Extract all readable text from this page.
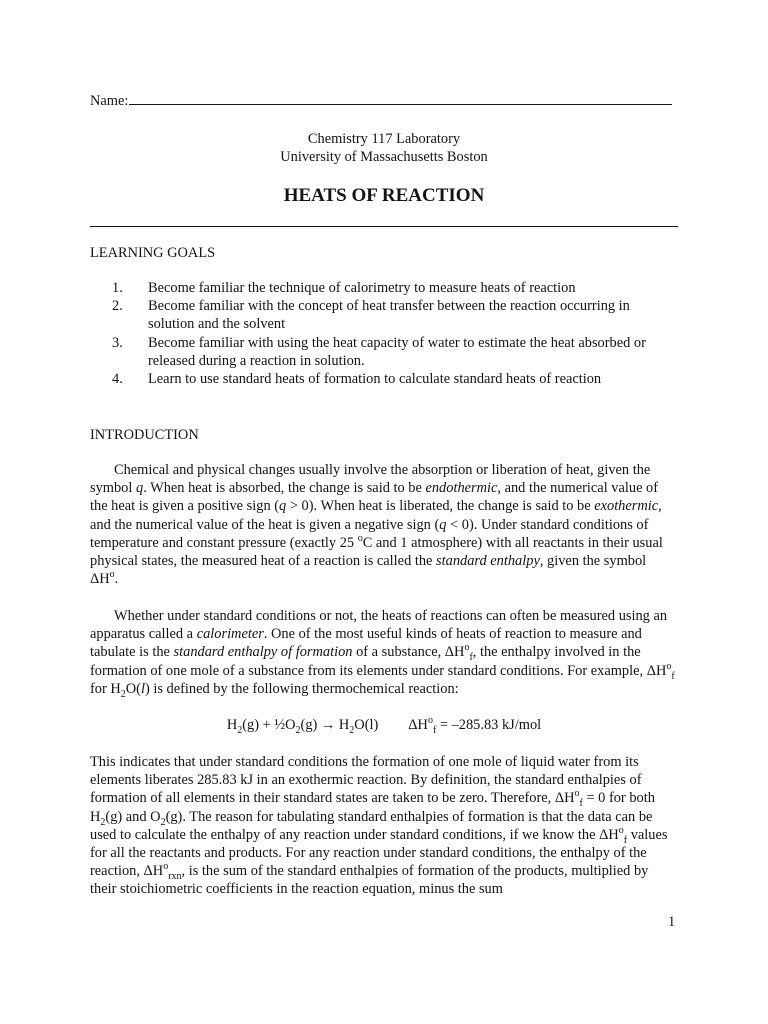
Name:
Chemistry 117 Laboratory
University of Massachusetts Boston
HEATS OF REACTION
LEARNING GOALS
1.	Become familiar the technique of calorimetry to measure heats of reaction
2.	Become familiar with the concept of heat transfer between the reaction occurring in solution and the solvent
3.	Become familiar with using the heat capacity of water to estimate the heat absorbed or released during a reaction in solution.
4.	Learn to use standard heats of formation to calculate standard heats of reaction
INTRODUCTION

Chemical and physical changes usually involve the absorption or liberation of heat, given the symbol q. When heat is absorbed, the change is said to be endothermic, and the numerical value of the heat is given a positive sign (q > 0). When heat is liberated, the change is said to be exothermic, and the numerical value of the heat is given a negative sign (q < 0). Under standard conditions of temperature and constant pressure (exactly 25 $^o$C and 1 atmosphere) with all reactants in their usual physical states, the measured heat of a reaction is called the standard enthalpy, given the symbol $\Delta H^o$.

Whether under standard conditions or not, the heats of reactions can often be measured using an apparatus called a calorimeter. One of the most useful kinds of heats of reaction to measure and tabulate is the standard enthalpy of formation of a substance, $\Delta H^o_f$, the enthalpy involved in the formation of one mole of a substance from its elements under standard conditions. For example, $\Delta H^o_f$ for $H_2O(l)$ is defined by the following thermochemical reaction:

$H_2(g)$ + $\frac{1}{2}O_2(g) \to H_2O(l) \Delta H^o_f = -285.83$ kJ/mol

This indicates that under standard conditions the formation of one mole of liquid water from its elements liberates 285.83 kJ in an exothermic reaction. By definition, the standard enthalpies of formation of all elements in their standard states are taken to be zero. Therefore, $\Delta H^o_f = 0$ for both $H_2(g)$ and $O_2(g)$. The reason for tabulating standard enthalpies of formation is that the data can be used to calculate the enthalpy of any reaction under standard conditions, if we know the $\Delta H^o_f$ values for all the reactants and products. For any reaction under standard conditions, the enthalpy of the reaction, $\Delta H^o_{rxn}$, is the sum of the standard enthalpies of formation of the products, multiplied by their stoichiometric coefficients in the reaction equation, minus the sum

1
